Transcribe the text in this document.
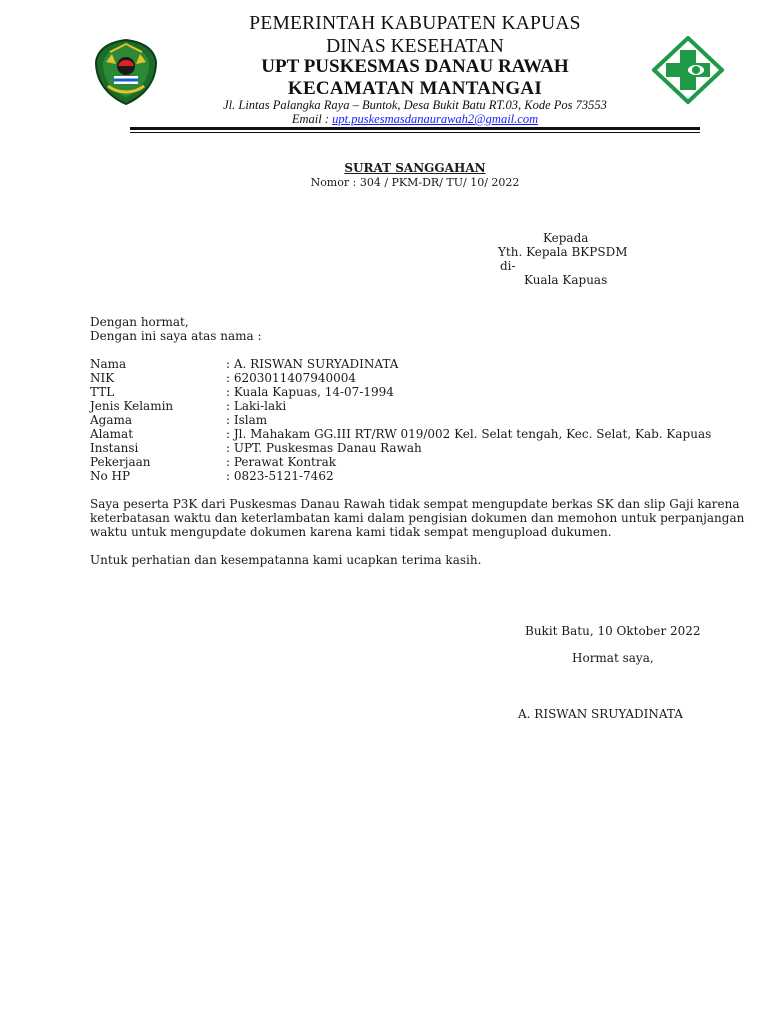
PEMERINTAH KABUPATEN KAPUAS
DINAS KESEHATAN
UPT PUSKESMAS DANAU RAWAH
KECAMATAN MANTANGAI
Jl. Lintas Palangka Raya – Buntok, Desa Bukit Batu RT.03, Kode Pos 73553
Email : upt.puskesmasdanaurawah2@gmail.com
SURAT SANGGAHAN
Nomor : 304 / PKM-DR/ TU/ 10/ 2022
Kepada
Yth. Kepala BKPSDM
di-
Kuala Kapuas
Dengan hormat,
Dengan ini saya atas nama :
Nama	: A. RISWAN SURYADINATA
NIK	: 6203011407940004
TTL	: Kuala Kapuas, 14-07-1994
Jenis Kelamin	: Laki-laki
Agama	: Islam
Alamat	: Jl. Mahakam GG.III RT/RW 019/002 Kel. Selat tengah, Kec. Selat, Kab. Kapuas
Instansi	: UPT. Puskesmas Danau Rawah
Pekerjaan	: Perawat Kontrak
No HP	: 0823-5121-7462
Saya peserta P3K dari Puskesmas Danau Rawah tidak sempat mengupdate berkas SK dan slip Gaji karena
keterbatasan waktu dan keterlambatan kami dalam pengisian dokumen dan memohon untuk perpanjangan
waktu untuk mengupdate dokumen karena kami tidak sempat mengupload dukumen.
Untuk perhatian dan kesempatanna kami ucapkan terima kasih.
Bukit Batu, 10 Oktober 2022
Hormat saya,
A. RISWAN SRUYADINATA
